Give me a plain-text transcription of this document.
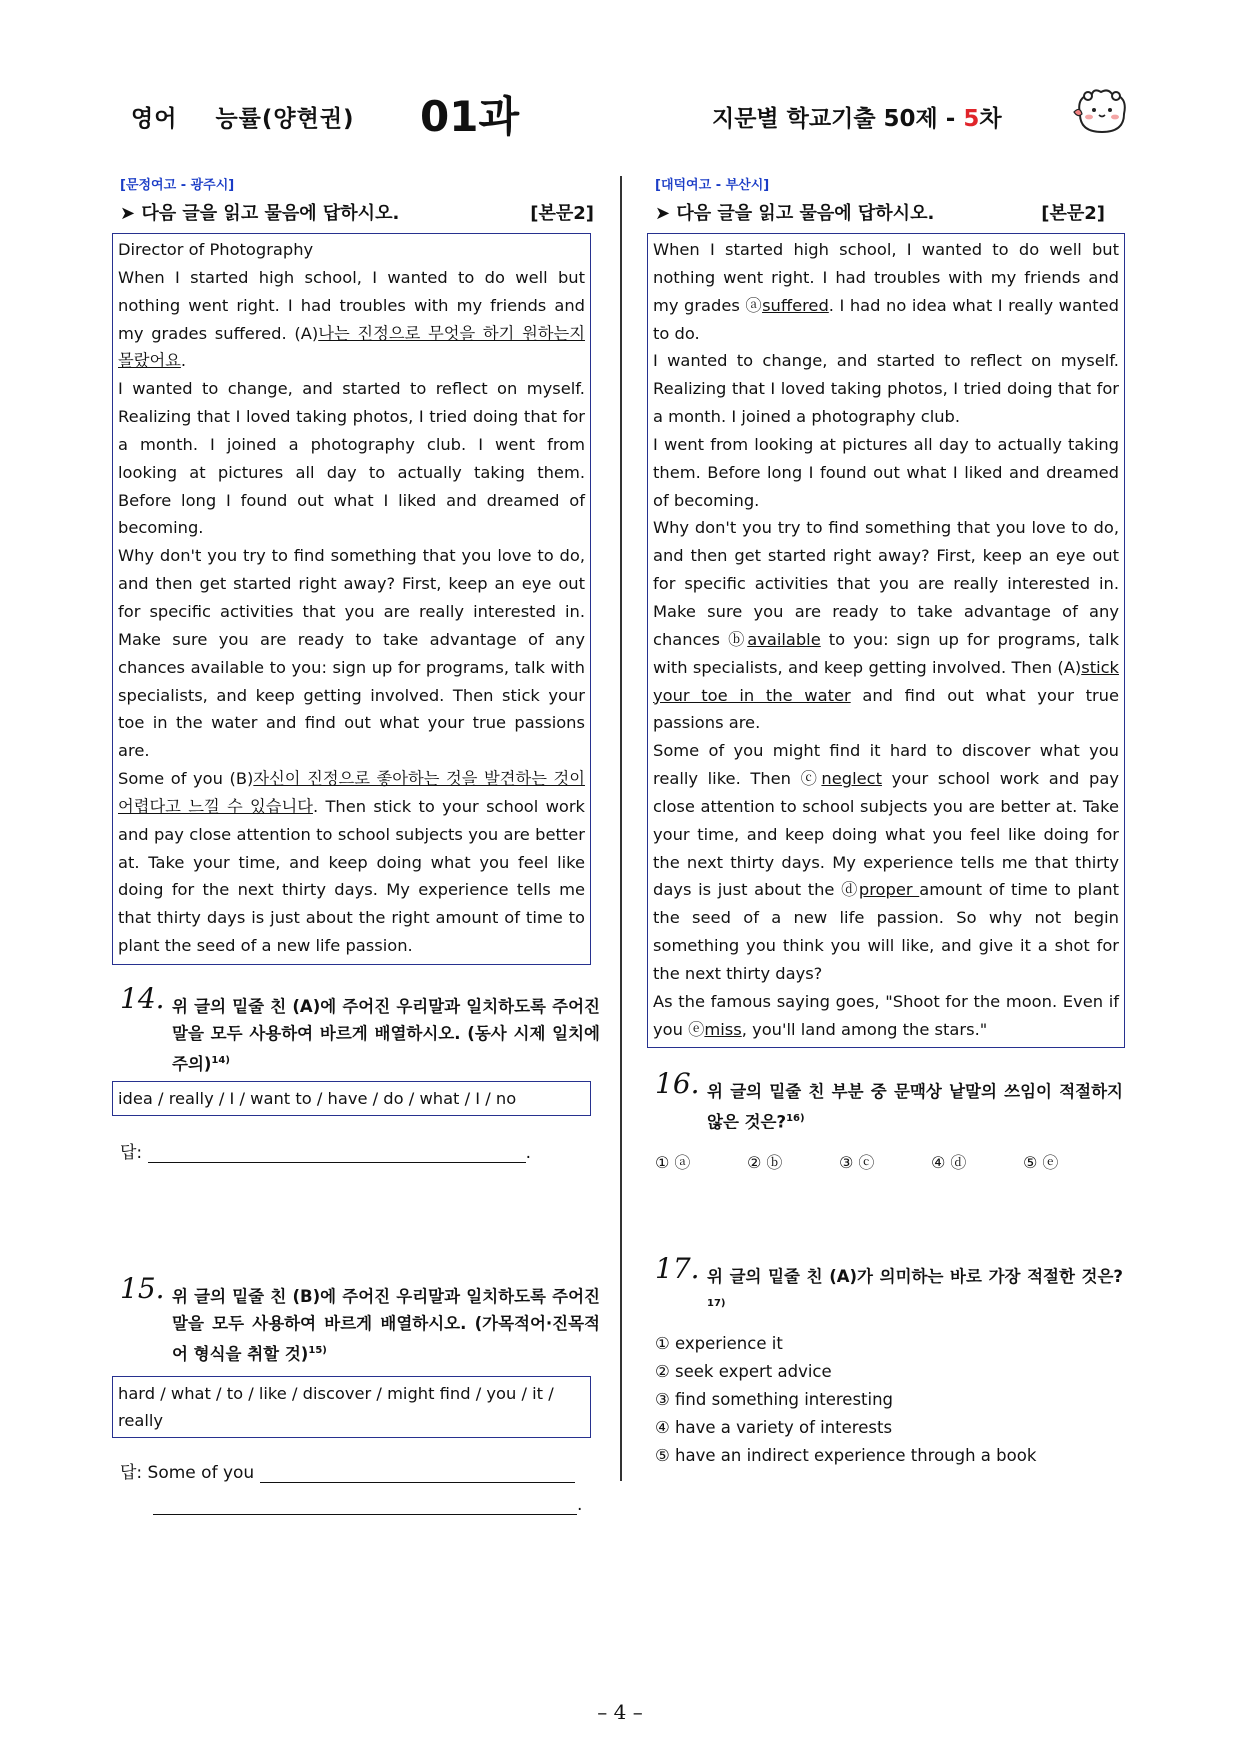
영어 능률(양현권) 01과	지문별 학교기출 50제 - 5차
[문정여고 - 광주시]
➤ 다음 글을 읽고 물음에 답하시오.	[본문2]

Director of Photography

When I started high school, I wanted to do well but nothing went right. I had troubles with my friends and my grades suffered. (A)나는 진정으로 무엇을 하기 원하는지 몰랐어요.

I wanted to change, and started to reflect on myself. Realizing that I loved taking photos, I tried doing that for a month. I joined a photography club. I went from looking at pictures all day to actually taking them. Before long I found out what I liked and dreamed of becoming.

Why don't you try to find something that you love to do, and then get started right away? First, keep an eye out for specific activities that you are really interested in. Make sure you are ready to take advantage of any chances available to you: sign up for programs, talk with specialists, and keep getting involved. Then stick your toe in the water and find out what your true passions are.

Some of you (B)자신이 진정으로 좋아하는 것을 발견하는 것이 어렵다고 느낄 수 있습니다. Then stick to your school work and pay close attention to school subjects you are better at. Take your time, and keep doing what you feel like doing for the next thirty days. My experience tells me that thirty days is just about the right amount of time to plant the seed of a new life passion.

14. 위 글의 밑줄 친 (A)에 주어진 우리말과 일치하도록 주어진 말을 모두 사용하여 바르게 배열하시오. (동사 시제 일치에 주의)$^{14)}$
idea / really / I / want to / have / do / what / I / no
답:	.
15. 위 글의 밑줄 친 (B)에 주어진 우리말과 일치하도록 주어진 말을 모두 사용하여 바르게 배열하시오. (가목적어·진목적어 형식을 취할 것)$^{15)}$
hard / what / to / like / discover / might find / you / it / really
답: Some of you
.
[대덕여고 - 부산시]
➤ 다음 글을 읽고 물음에 답하시오.	[본문2]

When I started high school, I wanted to do well but nothing went right. I had troubles with my friends and my grades ⓐsuffered. I had no idea what I really wanted to do.

I wanted to change, and started to reflect on myself. Realizing that I loved taking photos, I tried doing that for a month. I joined a photography club.

I went from looking at pictures all day to actually taking them. Before long I found out what I liked and dreamed of becoming.

Why don't you try to find something that you love to do, and then get started right away? First, keep an eye out for specific activities that you are really interested in. Make sure you are ready to take advantage of any chances ⓑavailable to you: sign up for programs, talk with specialists, and keep getting involved. Then (A)stick your toe in the water and find out what your true passions are.

Some of you might find it hard to discover what you really like. Then ⓒneglect your school work and pay close attention to school subjects you are better at. Take your time, and keep doing what you feel like doing for the next thirty days. My experience tells me that thirty days is just about the ⓓproper amount of time to plant the seed of a new life passion. So why not begin something you think you will like, and give it a shot for the next thirty days?

As the famous saying goes, "Shoot for the moon. Even if you ⓔmiss, you'll land among the stars."

16. 위 글의 밑줄 친 부분 중 문맥상 낱말의 쓰임이 적절하지 않은 것은?$^{16)}$
① ⓐ	② ⓑ	③ ⓒ	④ ⓓ	⑤ ⓔ
17. 위 글의 밑줄 친 (A)가 의미하는 바로 가장 적절한 것은?$^{17)}$
① experience it
② seek expert advice
③ find something interesting
④ have a variety of interests
⑤ have an indirect experience through a book
– 4 –
